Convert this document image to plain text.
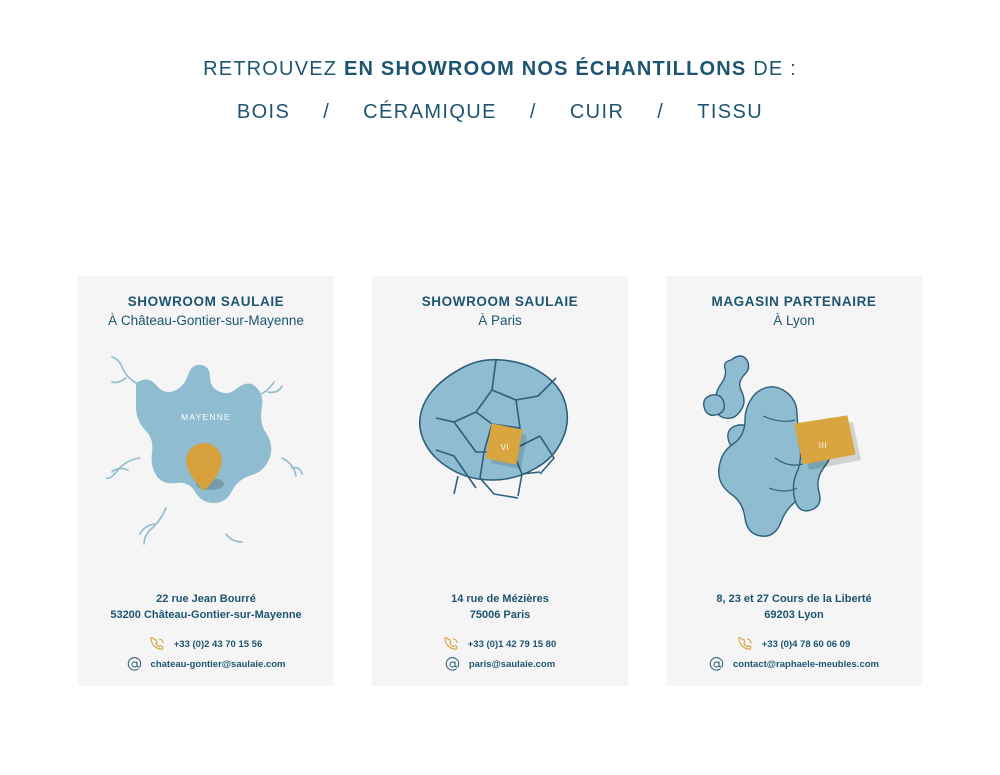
RETROUVEZ EN SHOWROOM NOS ÉCHANTILLONS DE :
BOIS / CÉRAMIQUE / CUIR / TISSU
SHOWROOM SAULAIE
À Château-Gontier-sur-Mayenne
MAYENNE
22 rue Jean Bourré
53200 Château-Gontier-sur-Mayenne
+33 (0)2 43 70 15 56
chateau-gontier@saulaie.com
SHOWROOM SAULAIE
À Paris
VI
14 rue de Mézières
75006 Paris
+33 (0)1 42 79 15 80
paris@saulaie.com
MAGASIN PARTENAIRE
À Lyon
III
8, 23 et 27 Cours de la Liberté
69203 Lyon
+33 (0)4 78 60 06 09
contact@raphaele-meubles.com
